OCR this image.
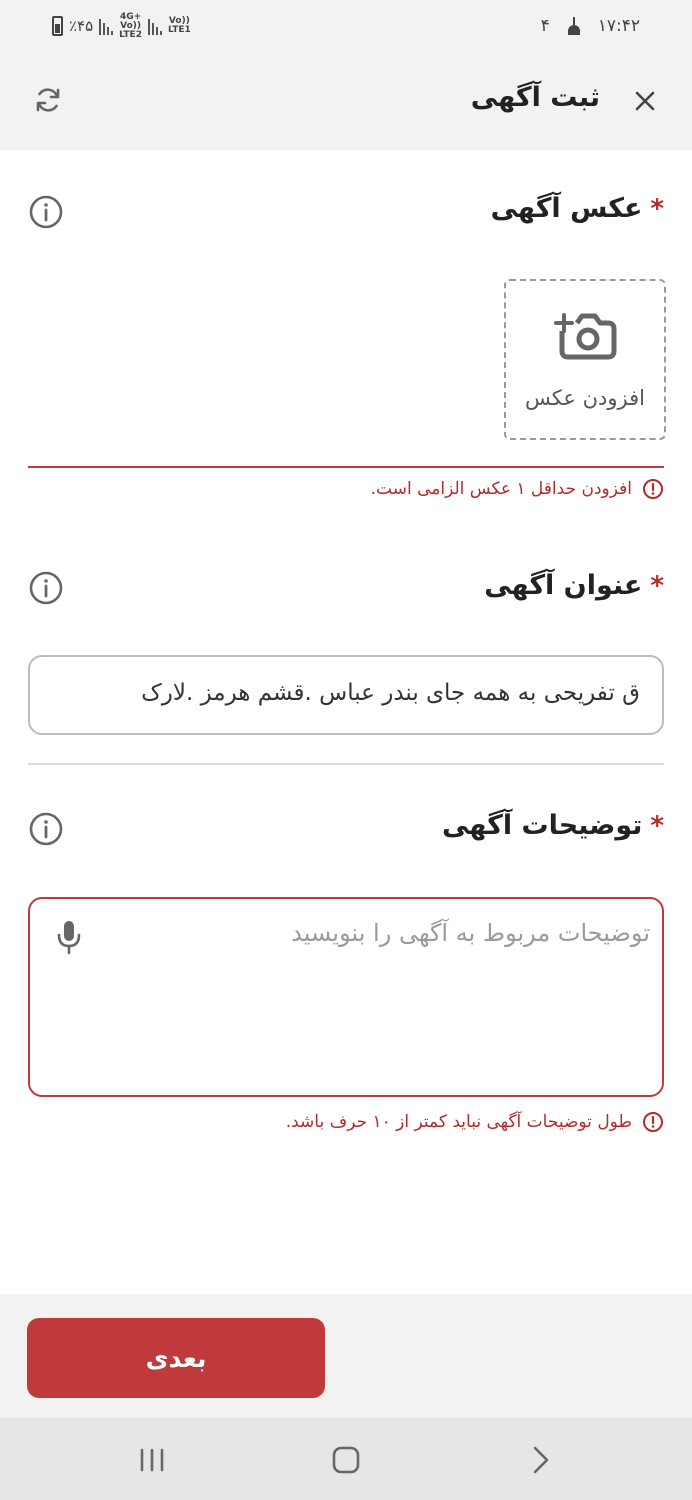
٪۴۵
4G+
Vo))
LTE2
Vo))
LTE1	۴	۱۷:۴۲
ثبت آگهی
*
عکس آگهی
افزودن عکس
افزودن حداقل ۱ عکس الزامی است.
*
عنوان آگهی
ق تفریحی به همه جای بندر عباس .قشم هرمز .لارک
*
توضیحات آگهی
توضیحات مربوط به آگهی را بنویسید
طول توضیحات آگهی نباید کمتر از ۱۰ حرف باشد.
بعدی
